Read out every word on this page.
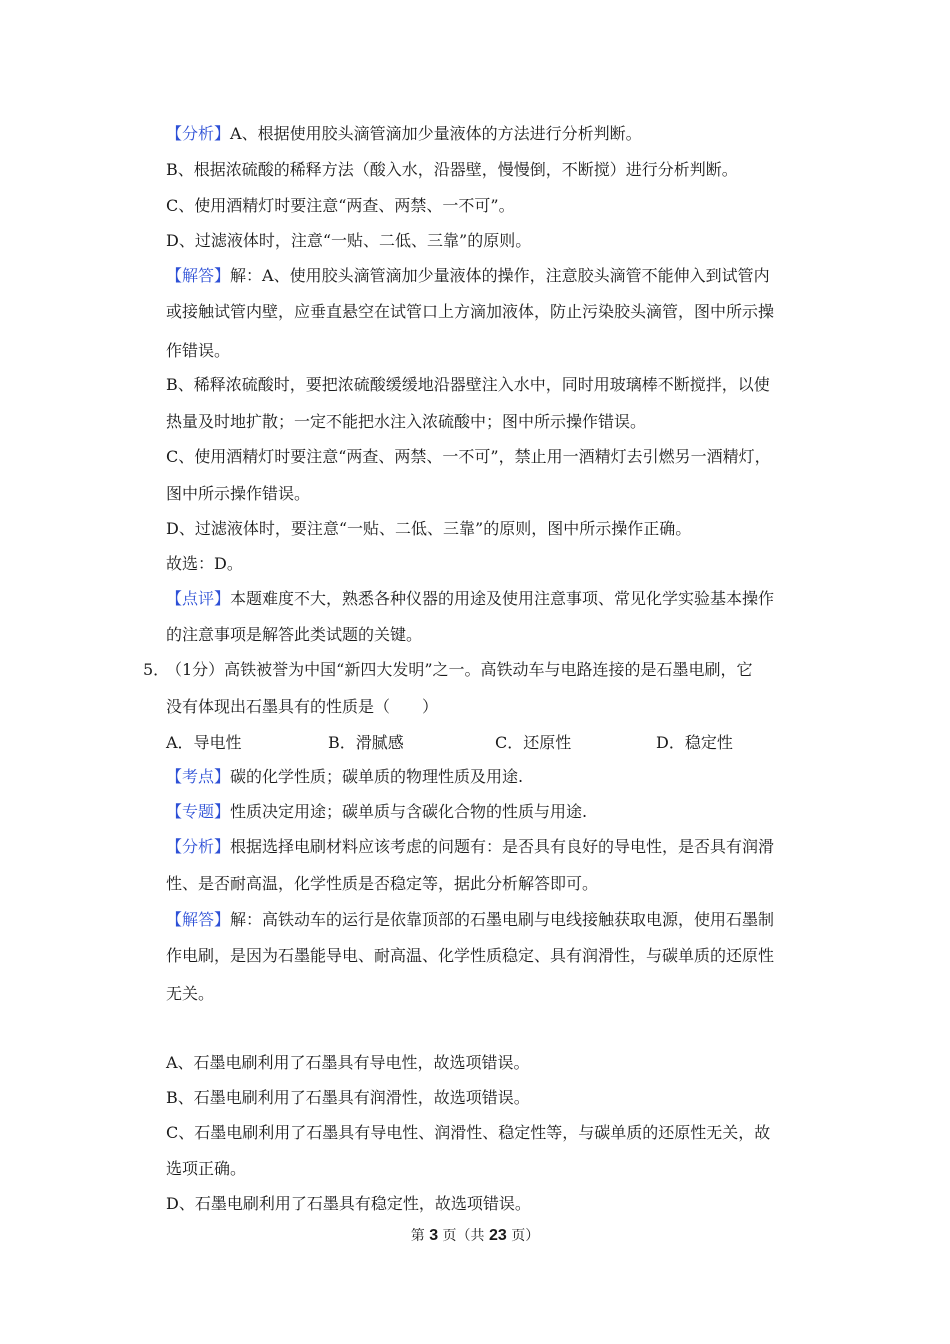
【分析】A、根据使用胶头滴管滴加少量液体的方法进行分析判断。
B、根据浓硫酸的稀释方法（酸入水，沿器壁，慢慢倒，不断搅）进行分析判断。
C、使用酒精灯时要注意“两查、两禁、一不可”。
D、过滤液体时，注意“一贴、二低、三靠”的原则。
【解答】解：A、使用胶头滴管滴加少量液体的操作，注意胶头滴管不能伸入到试管内
或接触试管内壁，应垂直悬空在试管口上方滴加液体，防止污染胶头滴管，图中所示操
作错误。
B、稀释浓硫酸时，要把浓硫酸缓缓地沿器壁注入水中，同时用玻璃棒不断搅拌，以使
热量及时地扩散；一定不能把水注入浓硫酸中；图中所示操作错误。
C、使用酒精灯时要注意“两查、两禁、一不可”，禁止用一酒精灯去引燃另一酒精灯，
图中所示操作错误。
D、过滤液体时，要注意“一贴、二低、三靠”的原则，图中所示操作正确。
故选：D。
【点评】本题难度不大，熟悉各种仪器的用途及使用注意事项、常见化学实验基本操作
的注意事项是解答此类试题的关键。
5．
（1分）高铁被誉为中国“新四大发明”之一。高铁动车与电路连接的是石墨电刷，它
没有体现出石墨具有的性质是（　　）
A．导电性	B．滑腻感	C．还原性	D．稳定性
【考点】碳的化学性质；碳单质的物理性质及用途.
【专题】性质决定用途；碳单质与含碳化合物的性质与用途.
【分析】根据选择电刷材料应该考虑的问题有：是否具有良好的导电性，是否具有润滑
性、是否耐高温，化学性质是否稳定等，据此分析解答即可。
【解答】解：高铁动车的运行是依靠顶部的石墨电刷与电线接触获取电源，使用石墨制
作电刷，是因为石墨能导电、耐高温、化学性质稳定、具有润滑性，与碳单质的还原性
无关。
A、石墨电刷利用了石墨具有导电性，故选项错误。
B、石墨电刷利用了石墨具有润滑性，故选项错误。
C、石墨电刷利用了石墨具有导电性、润滑性、稳定性等，与碳单质的还原性无关，故
选项正确。
D、石墨电刷利用了石墨具有稳定性，故选项错误。
第 3 页（共 23 页）
